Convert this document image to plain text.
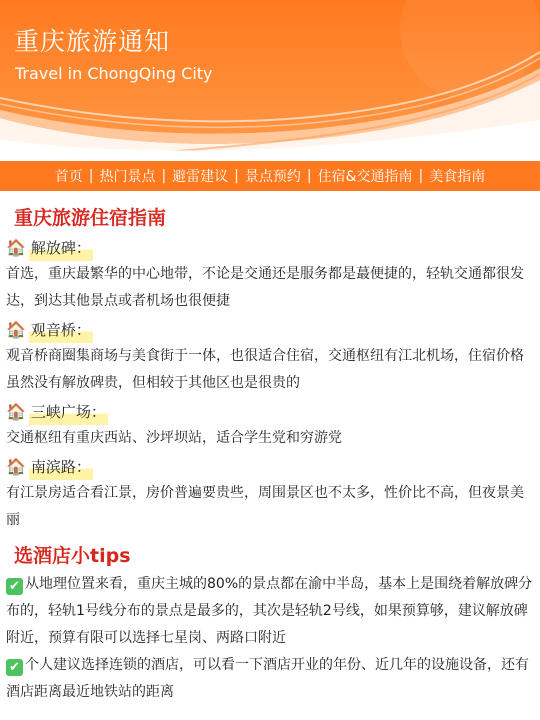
重庆旅游通知
Travel in ChongQing City
首页 | 热门景点 | 避雷建议 | 景点预约 | 住宿&交通指南 | 美食指南
重庆旅游住宿指南
🏠 解放碑：
首选，重庆最繁华的中心地带，不论是交通还是服务都是蕞便捷的，轻轨交通都很发达，到达其他景点或者机场也很便捷
🏠 观音桥：
观音桥商圈集商场与美食街于一体，也很适合住宿，交通枢纽有江北机场，住宿价格虽然没有解放碑贵，但相较于其他区也是很贵的
🏠 三峡广场：
交通枢纽有重庆西站、沙坪坝站，适合学生党和穷游党
🏠 南滨路：
有江景房适合看江景，房价普遍要贵些，周围景区也不太多，性价比不高，但夜景美丽
选酒店小tips
✔ 从地理位置来看，重庆主城的80%的景点都在渝中半岛，基本上是围绕着解放碑分布的，轻轨1号线分布的景点是最多的，其次是轻轨2号线，如果预算够，建议解放碑附近，预算有限可以选择七星岗、两路口附近
✔ 个人建议选择连锁的酒店，可以看一下酒店开业的年份、近几年的设施设备，还有酒店距离最近地铁站的距离
